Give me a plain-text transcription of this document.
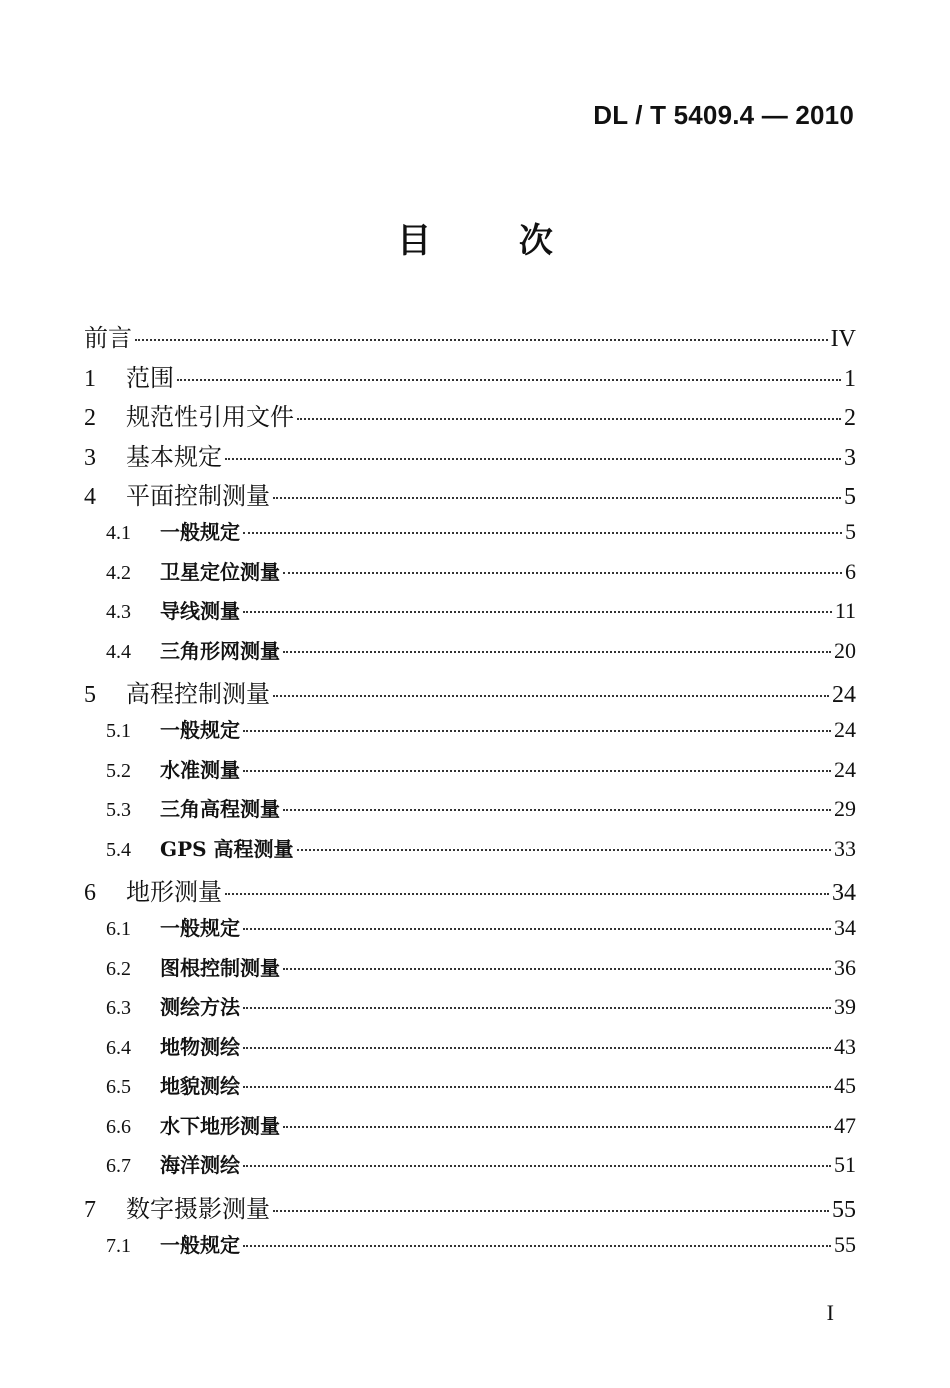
DL / T 5409.4 — 2010
目	次
前言	IV
1	范围	1
2	规范性引用文件	2
3	基本规定	3
4	平面控制测量	5
4.1	一般规定	5
4.2	卫星定位测量	6
4.3	导线测量	11
4.4	三角形网测量	20
5	高程控制测量	24
5.1	一般规定	24
5.2	水准测量	24
5.3	三角高程测量	29
5.4	GPS 高程测量	33
6	地形测量	34
6.1	一般规定	34
6.2	图根控制测量	36
6.3	测绘方法	39
6.4	地物测绘	43
6.5	地貌测绘	45
6.6	水下地形测量	47
6.7	海洋测绘	51
7	数字摄影测量	55
7.1	一般规定	55
I
